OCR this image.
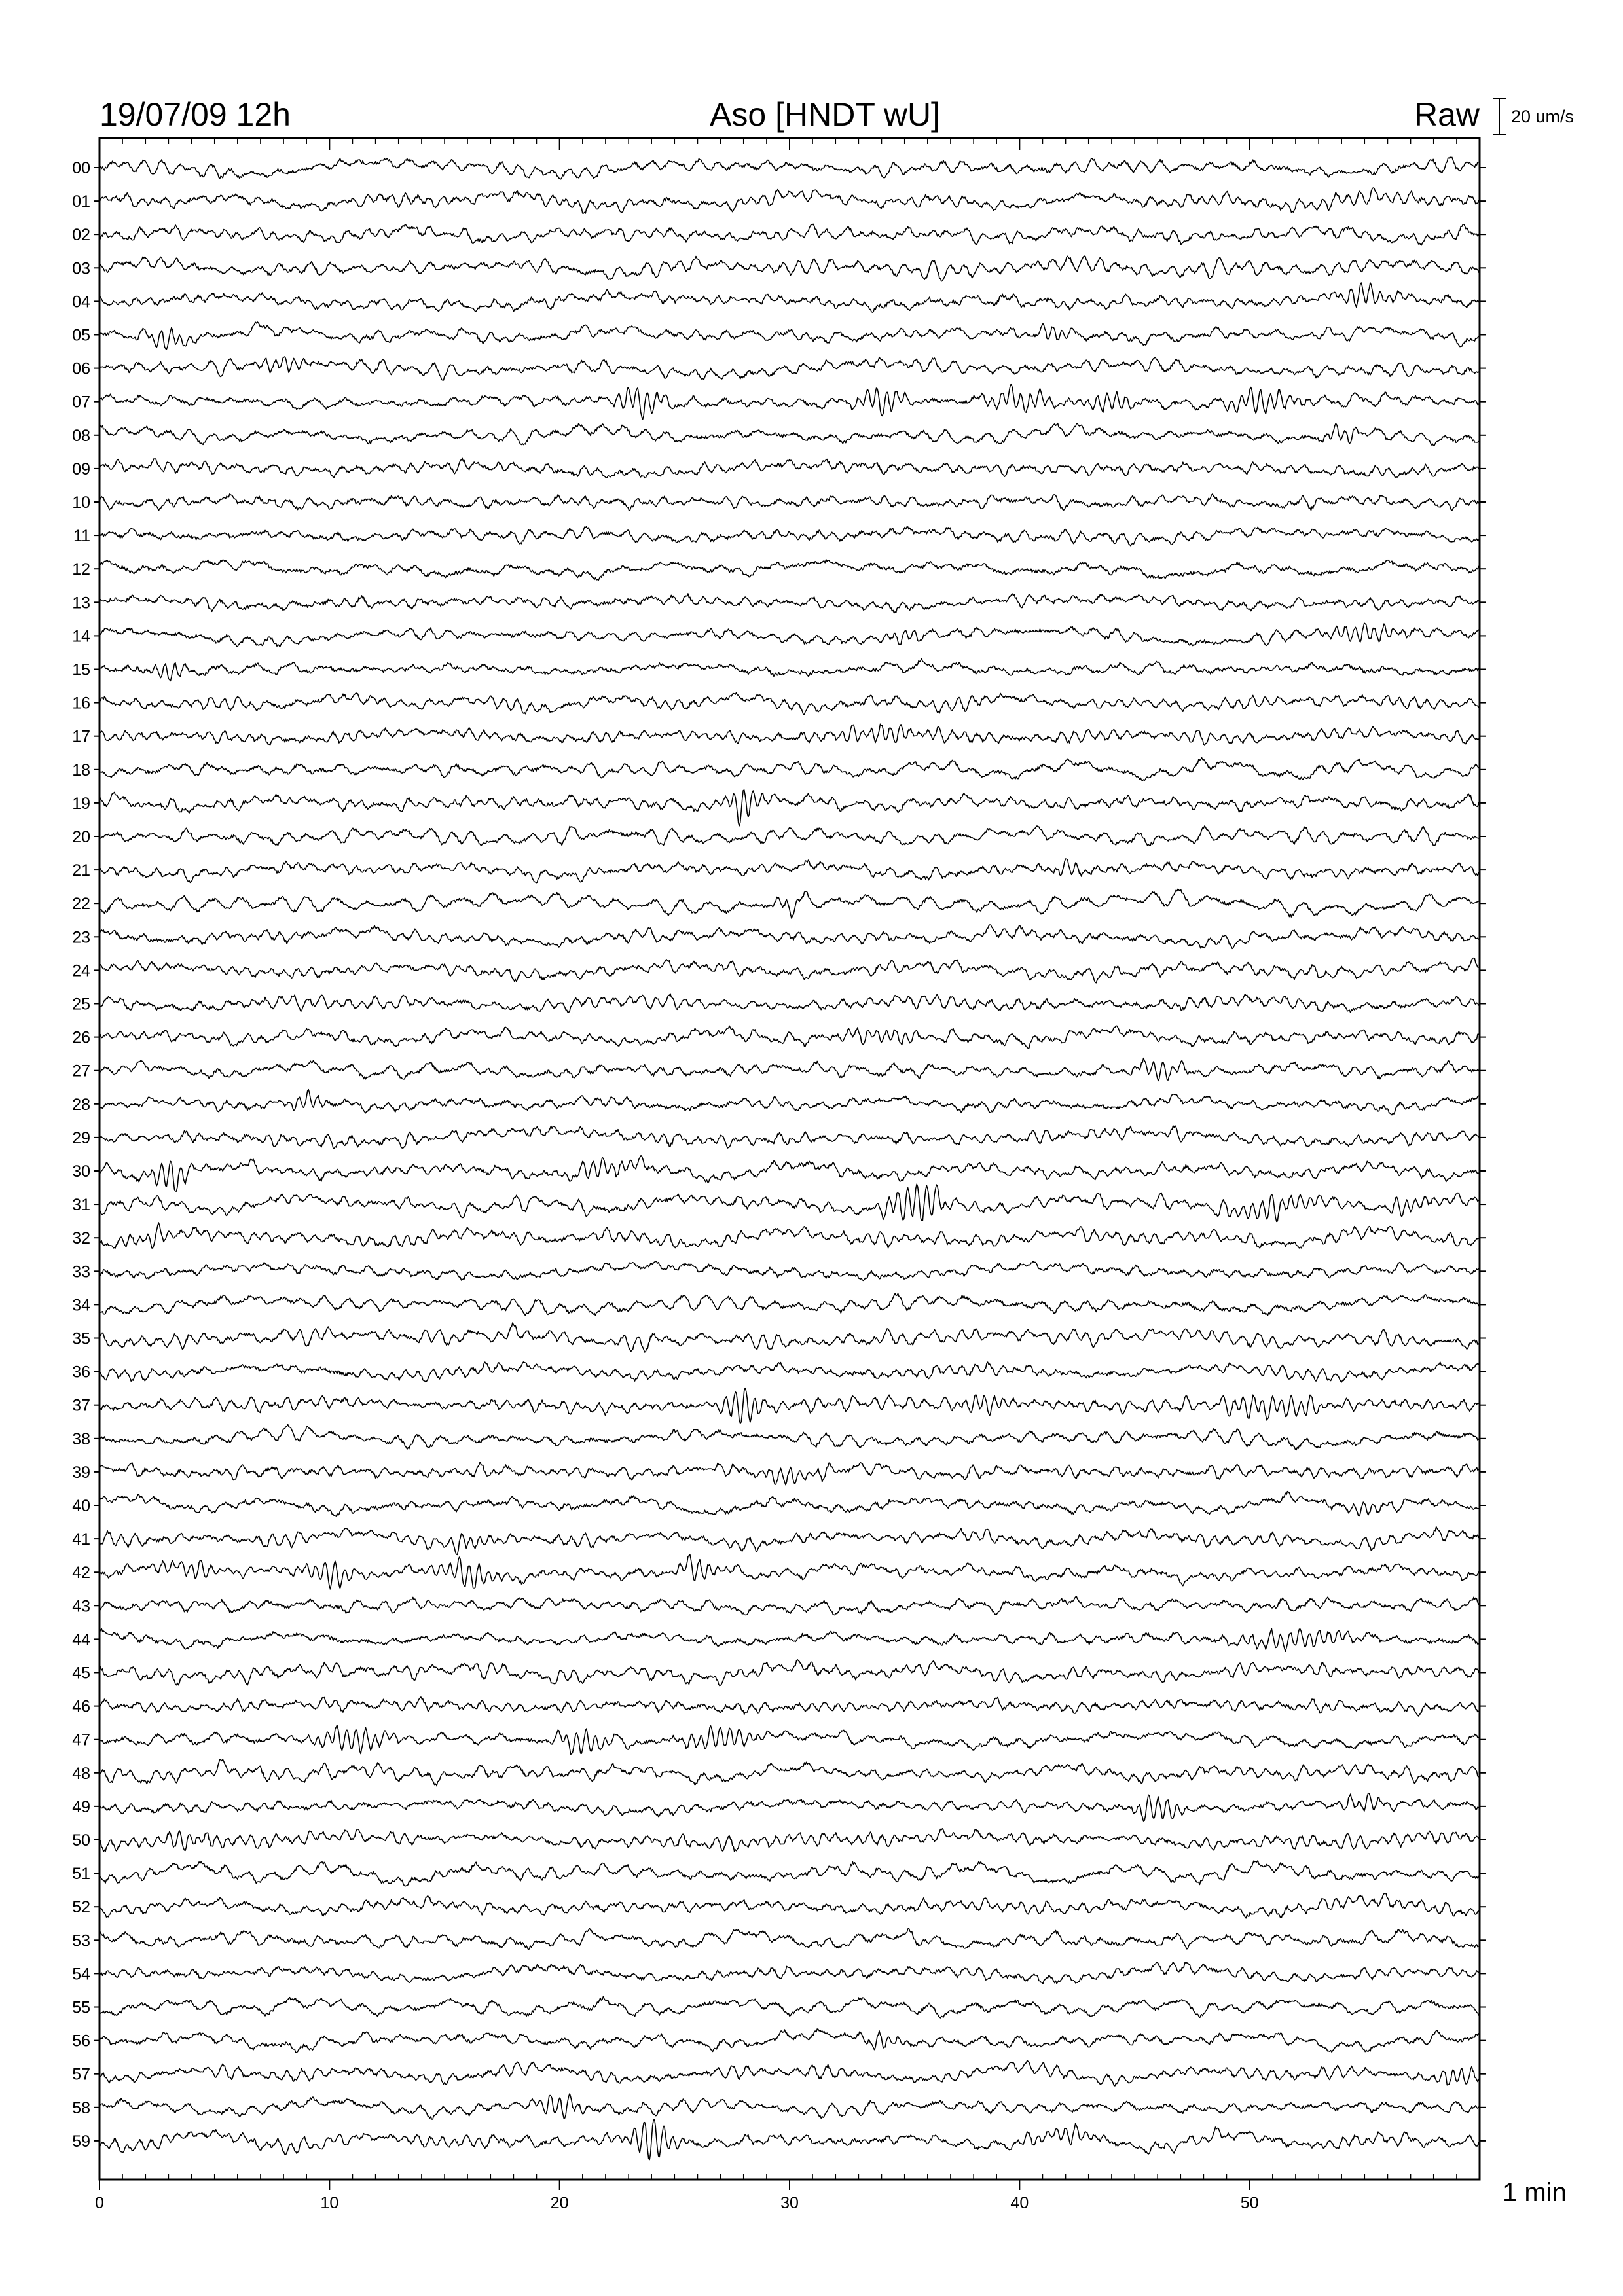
19/07/09 12h	Aso [HNDT wU]	Raw 20 um/s
0	10	20	30	40	50
00
01
02
03
04
05
06
07
08
09
10
11
12
13
14
15
16
17
18
19
20
21
22
23
24
25
26
27
28
29
30
31
32
33
34
35
36
37
38
39
40
41
42
43
44
45
46
47
48
49
50
51
52
53
54
55
56
57
58
59
1 min
